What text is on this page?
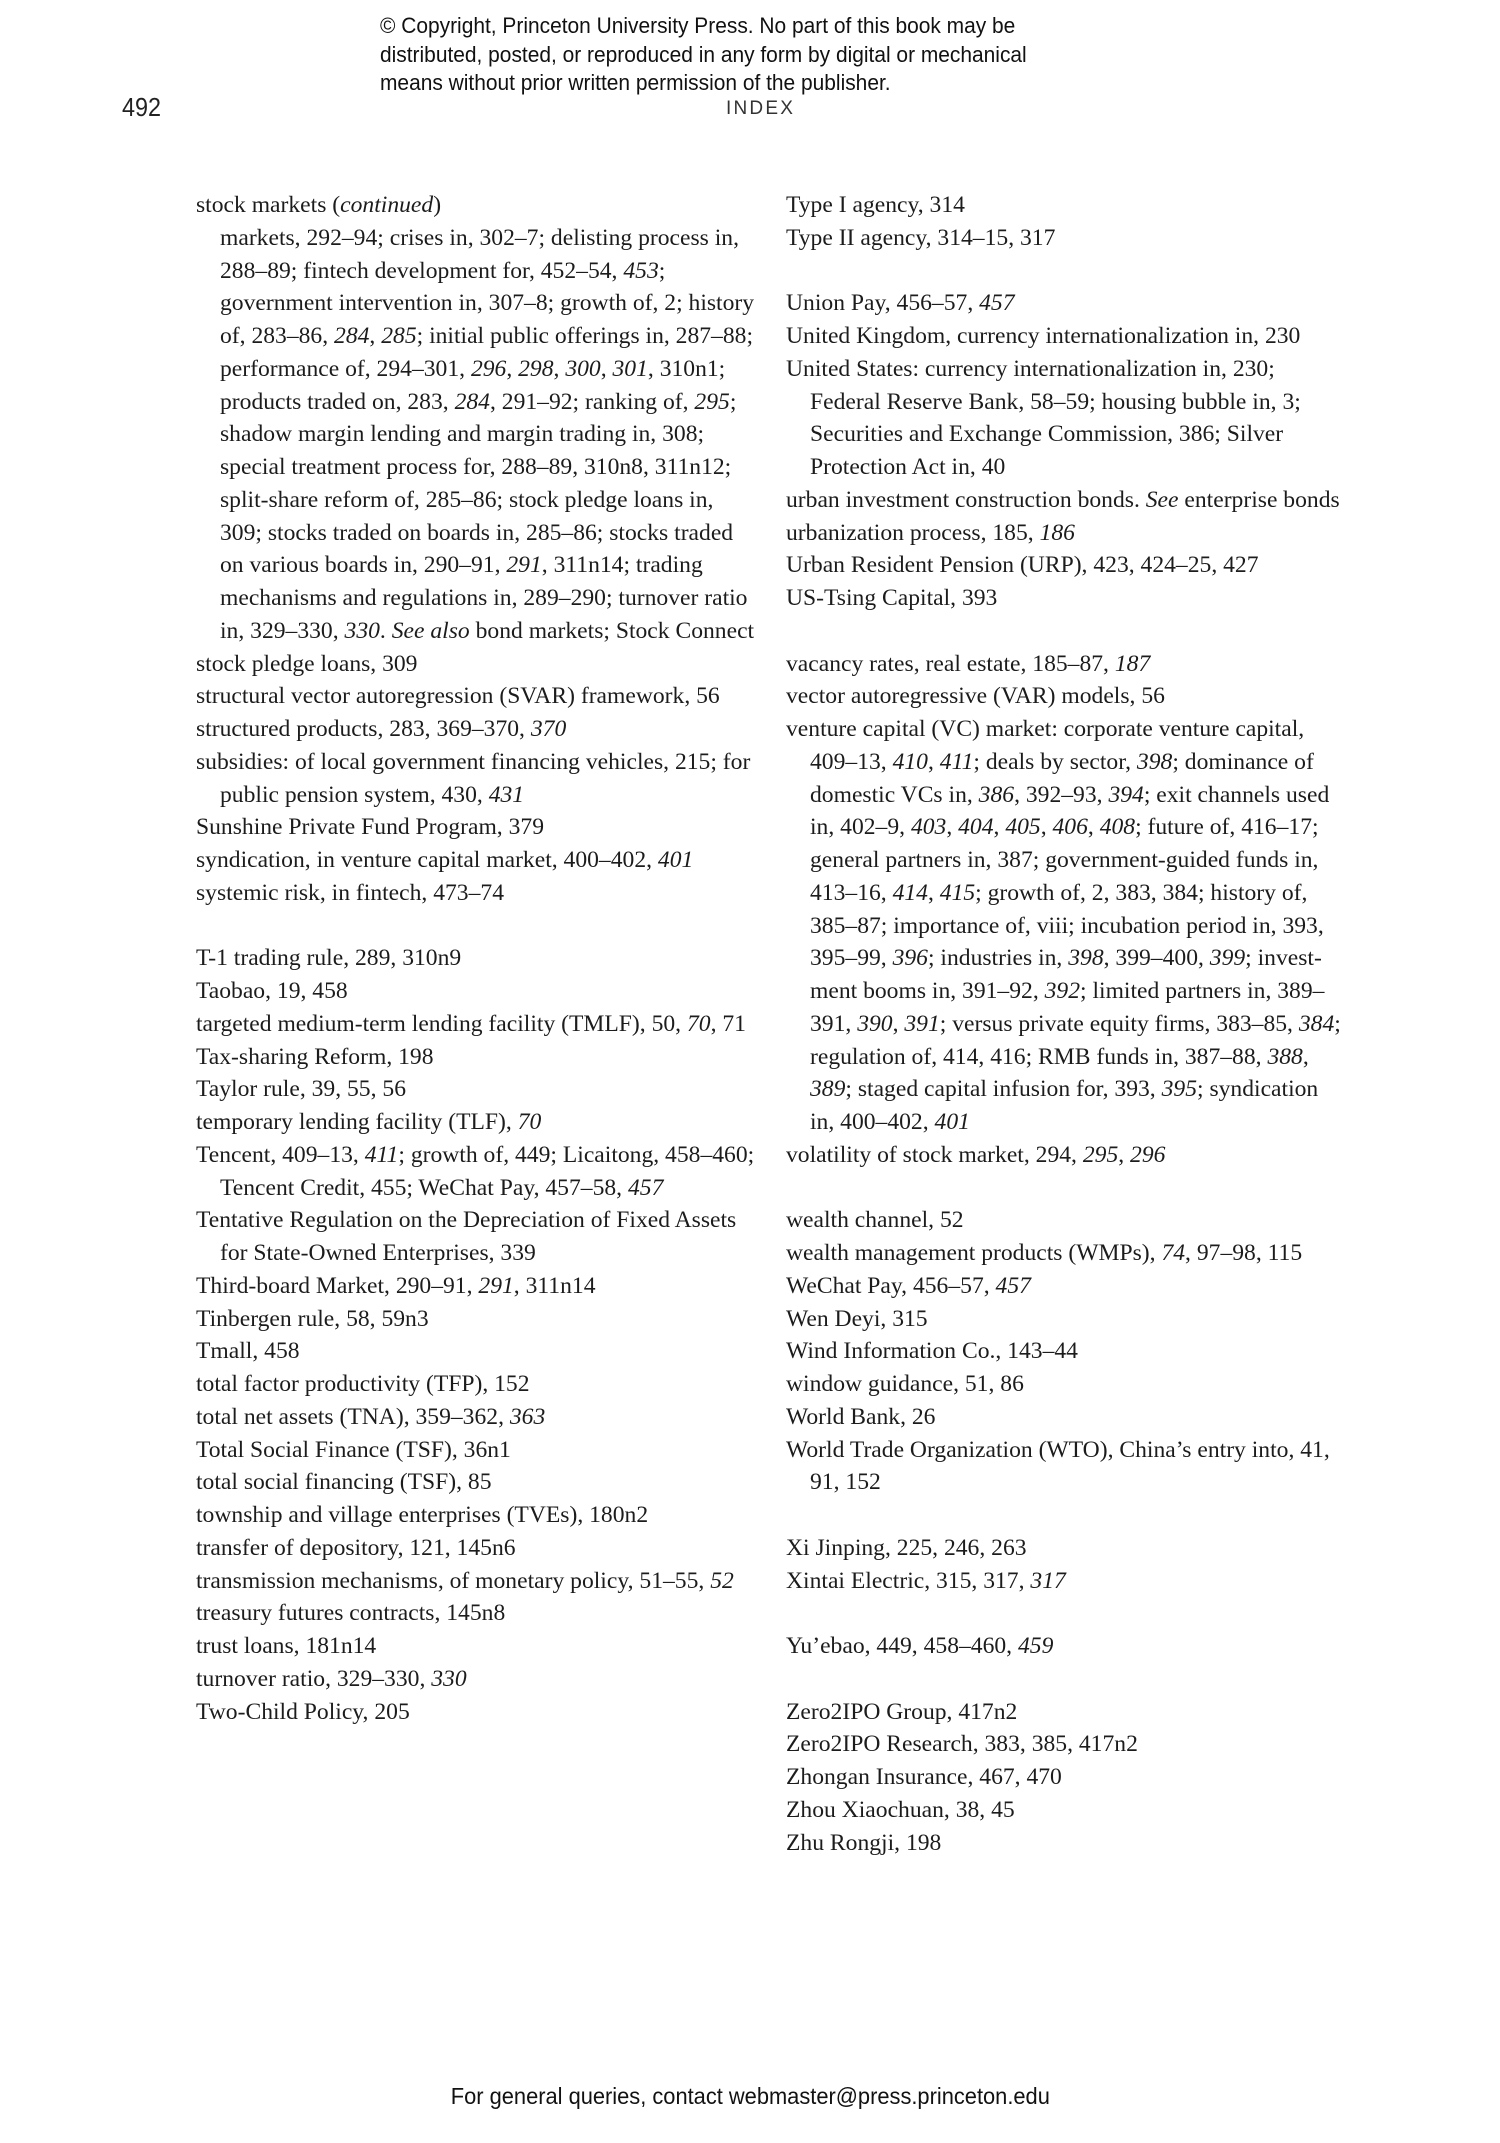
© Copyright, Princeton University Press. No part of this book may be
distributed, posted, or reproduced in any form by digital or mechanical
means without prior written permission of the publisher.
492	INDEX
stock markets (continued)
markets, 292–94; crises in, 302–7; delisting process in, 288–89; fintech development for, 452–54, 453; government intervention in, 307–8; growth of, 2; history of, 283–86, 284, 285; initial public offerings in, 287–88; performance of, 294–301, 296, 298, 300, 301, 310n1; products traded on, 283, 284, 291–92; ranking of, 295; shadow margin lending and margin trading in, 308; special treatment process for, 288–89, 310n8, 311n12; split-share reform of, 285–86; stock pledge loans in, 309; stocks traded on boards in, 285–86; stocks traded on various boards in, 290–91, 291, 311n14; trading mechanisms and regulations in, 289–290; turnover ratio in, 329–330, 330. See also bond markets; Stock Connect
stock pledge loans, 309
structural vector autoregression (SVAR) framework, 56
structured products, 283, 369–370, 370
subsidies: of local government financing vehicles, 215; for public pension system, 430, 431
Sunshine Private Fund Program, 379
syndication, in venture capital market, 400–402, 401
systemic risk, in fintech, 473–74
T-1 trading rule, 289, 310n9
Taobao, 19, 458
targeted medium-term lending facility (TMLF), 50, 70, 71
Tax-sharing Reform, 198
Taylor rule, 39, 55, 56
temporary lending facility (TLF), 70
Tencent, 409–13, 411; growth of, 449; Licaitong, 458–460; Tencent Credit, 455; WeChat Pay, 457–58, 457
Tentative Regulation on the Depreciation of Fixed Assets for State-Owned Enterprises, 339
Third-board Market, 290–91, 291, 311n14
Tinbergen rule, 58, 59n3
Tmall, 458
total factor productivity (TFP), 152
total net assets (TNA), 359–362, 363
Total Social Finance (TSF), 36n1
total social financing (TSF), 85
township and village enterprises (TVEs), 180n2
transfer of depository, 121, 145n6
transmission mechanisms, of monetary policy, 51–55, 52
treasury futures contracts, 145n8
trust loans, 181n14
turnover ratio, 329–330, 330
Two-Child Policy, 205
Type I agency, 314
Type II agency, 314–15, 317
Union Pay, 456–57, 457
United Kingdom, currency internationalization in, 230
United States: currency internationalization in, 230; Federal Reserve Bank, 58–59; housing bubble in, 3; Securities and Exchange Commission, 386; Silver Protection Act in, 40
urban investment construction bonds. See enterprise bonds
urbanization process, 185, 186
Urban Resident Pension (URP), 423, 424–25, 427
US-Tsing Capital, 393
vacancy rates, real estate, 185–87, 187
vector autoregressive (VAR) models, 56
venture capital (VC) market: corporate venture capital, 409–13, 410, 411; deals by sector, 398; dominance of domestic VCs in, 386, 392–93, 394; exit channels used in, 402–9, 403, 404, 405, 406, 408; future of, 416–17; general partners in, 387; government-guided funds in, 413–16, 414, 415; growth of, 2, 383, 384; history of, 385–87; importance of, viii; incubation period in, 393, 395–99, 396; industries in, 398, 399–400, 399; investment booms in, 391–92, 392; limited partners in, 389–391, 390, 391; versus private equity firms, 383–85, 384; regulation of, 414, 416; RMB funds in, 387–88, 388, 389; staged capital infusion for, 393, 395; syndication in, 400–402, 401
volatility of stock market, 294, 295, 296
wealth channel, 52
wealth management products (WMPs), 74, 97–98, 115
WeChat Pay, 456–57, 457
Wen Deyi, 315
Wind Information Co., 143–44
window guidance, 51, 86
World Bank, 26
World Trade Organization (WTO), China’s entry into, 41, 91, 152
Xi Jinping, 225, 246, 263
Xintai Electric, 315, 317, 317
Yu’ebao, 449, 458–460, 459
Zero2IPO Group, 417n2
Zero2IPO Research, 383, 385, 417n2
Zhongan Insurance, 467, 470
Zhou Xiaochuan, 38, 45
Zhu Rongji, 198
For general queries, contact webmaster@press.princeton.edu
